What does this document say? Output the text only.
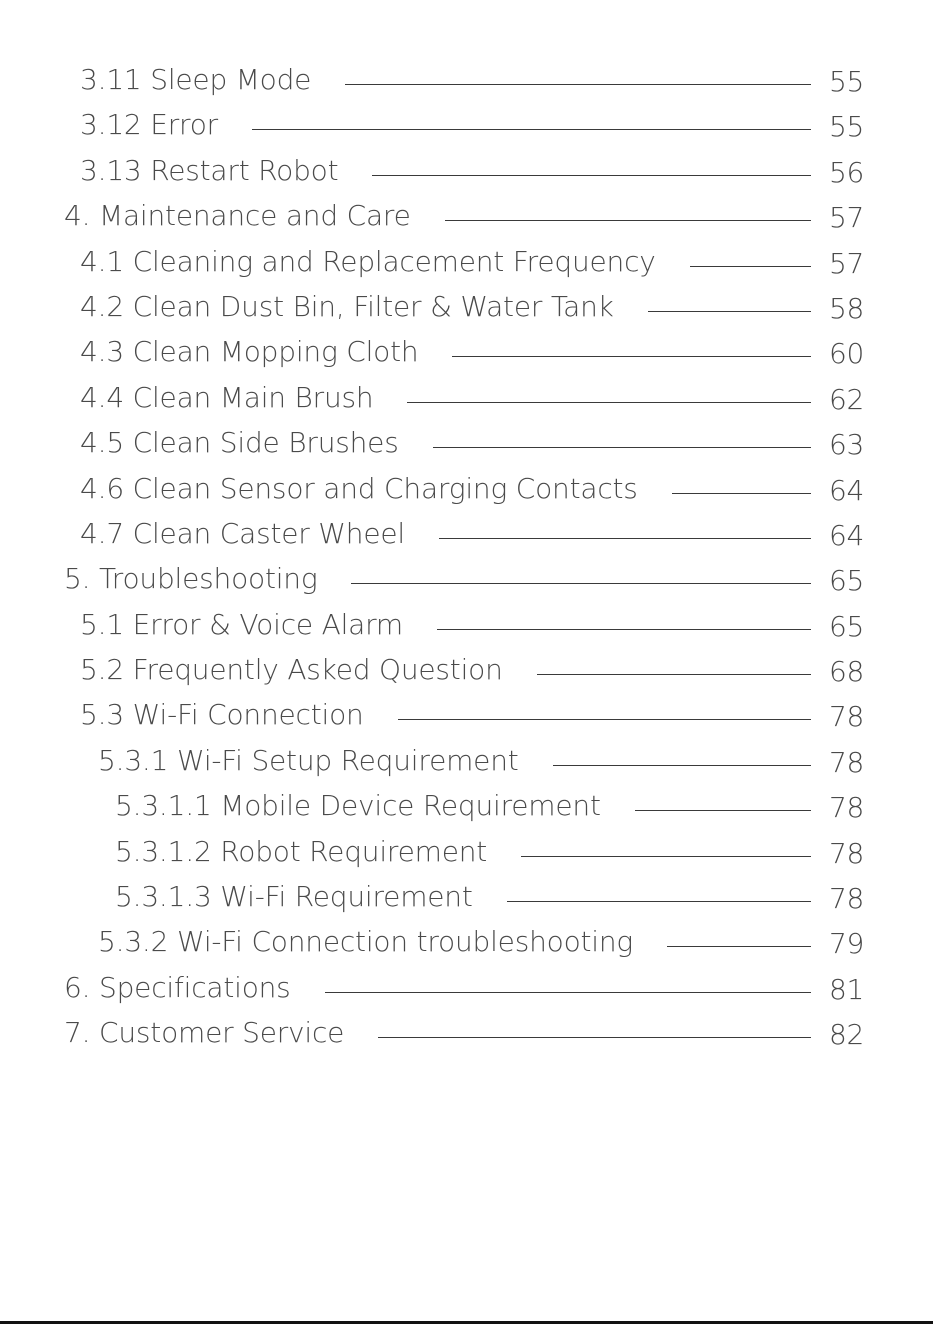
3.11 Sleep Mode	55
3.12 Error	55
3.13 Restart Robot	56
4. Maintenance and Care	57
4.1 Cleaning and Replacement Frequency	57
4.2 Clean Dust Bin, Filter & Water Tank	58
4.3 Clean Mopping Cloth	60
4.4 Clean Main Brush	62
4.5 Clean Side Brushes	63
4.6 Clean Sensor and Charging Contacts	64
4.7 Clean Caster Wheel	64
5. Troubleshooting	65
5.1 Error & Voice Alarm	65
5.2 Frequently Asked Question	68
5.3 Wi-Fi Connection	78
5.3.1 Wi-Fi Setup Requirement	78
5.3.1.1 Mobile Device Requirement	78
5.3.1.2 Robot Requirement	78
5.3.1.3 Wi-Fi Requirement	78
5.3.2 Wi-Fi Connection troubleshooting	79
6. Specifications	81
7. Customer Service	82
